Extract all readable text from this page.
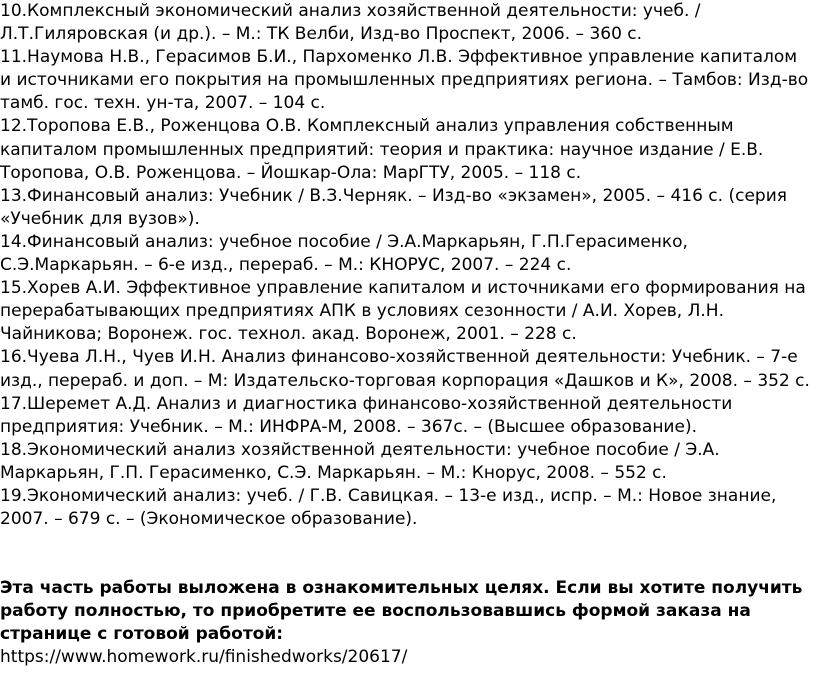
10.Комплексный экономический анализ хозяйственной деятельности: учеб. / Л.Т.Гиляровская (и др.). – М.: ТК Велби, Изд-во Проспект, 2006. – 360 с.
11.Наумова Н.В., Герасимов Б.И., Пархоменко Л.В. Эффективное управление капиталом и источниками его покрытия на промышленных предприятиях региона. – Тамбов: Изд-во тамб. гос. техн. ун-та, 2007. – 104 с.
12.Торопова Е.В., Роженцова О.В. Комплексный анализ управления собственным капиталом промышленных предприятий: теория и практика: научное издание / Е.В. Торопова, О.В. Роженцова. – Йошкар-Ола: МарГТУ, 2005. – 118 с.
13.Финансовый анализ: Учебник / В.З.Черняк. – Изд-во «экзамен», 2005. – 416 с. (серия «Учебник для вузов»).
14.Финансовый анализ: учебное пособие / Э.А.Маркарьян, Г.П.Герасименко, С.Э.Маркарьян. – 6-е изд., перераб. – М.: КНОРУС, 2007. – 224 с.
15.Хорев А.И. Эффективное управление капиталом и источниками его формирования на перерабатывающих предприятиях АПК в условиях сезонности / А.И. Хорев, Л.Н. Чайникова; Воронеж. гос. технол. акад. Воронеж, 2001. – 228 с.
16.Чуева Л.Н., Чуев И.Н. Анализ финансово-хозяйственной деятельности: Учебник. – 7-е изд., перераб. и доп. – М: Издательско-торговая корпорация «Дашков и К», 2008. – 352 с.
17.Шеремет А.Д. Анализ и диагностика финансово-хозяйственной деятельности предприятия: Учебник. – М.: ИНФРА-М, 2008. – 367с. – (Высшее образование).
18.Экономический анализ хозяйственной деятельности: учебное пособие / Э.А. Маркарьян, Г.П. Герасименко, С.Э. Маркарьян. – М.: Кнорус, 2008. – 552 с.
19.Экономический анализ: учеб. / Г.В. Савицкая. – 13-е изд., испр. – М.: Новое знание, 2007. – 679 с. – (Экономическое образование).

Эта часть работы выложена в ознакомительных целях. Если вы хотите получить работу полностью, то приобретите ее воспользовавшись формой заказа на странице с готовой работой:

https://www.homework.ru/finishedworks/20617/
